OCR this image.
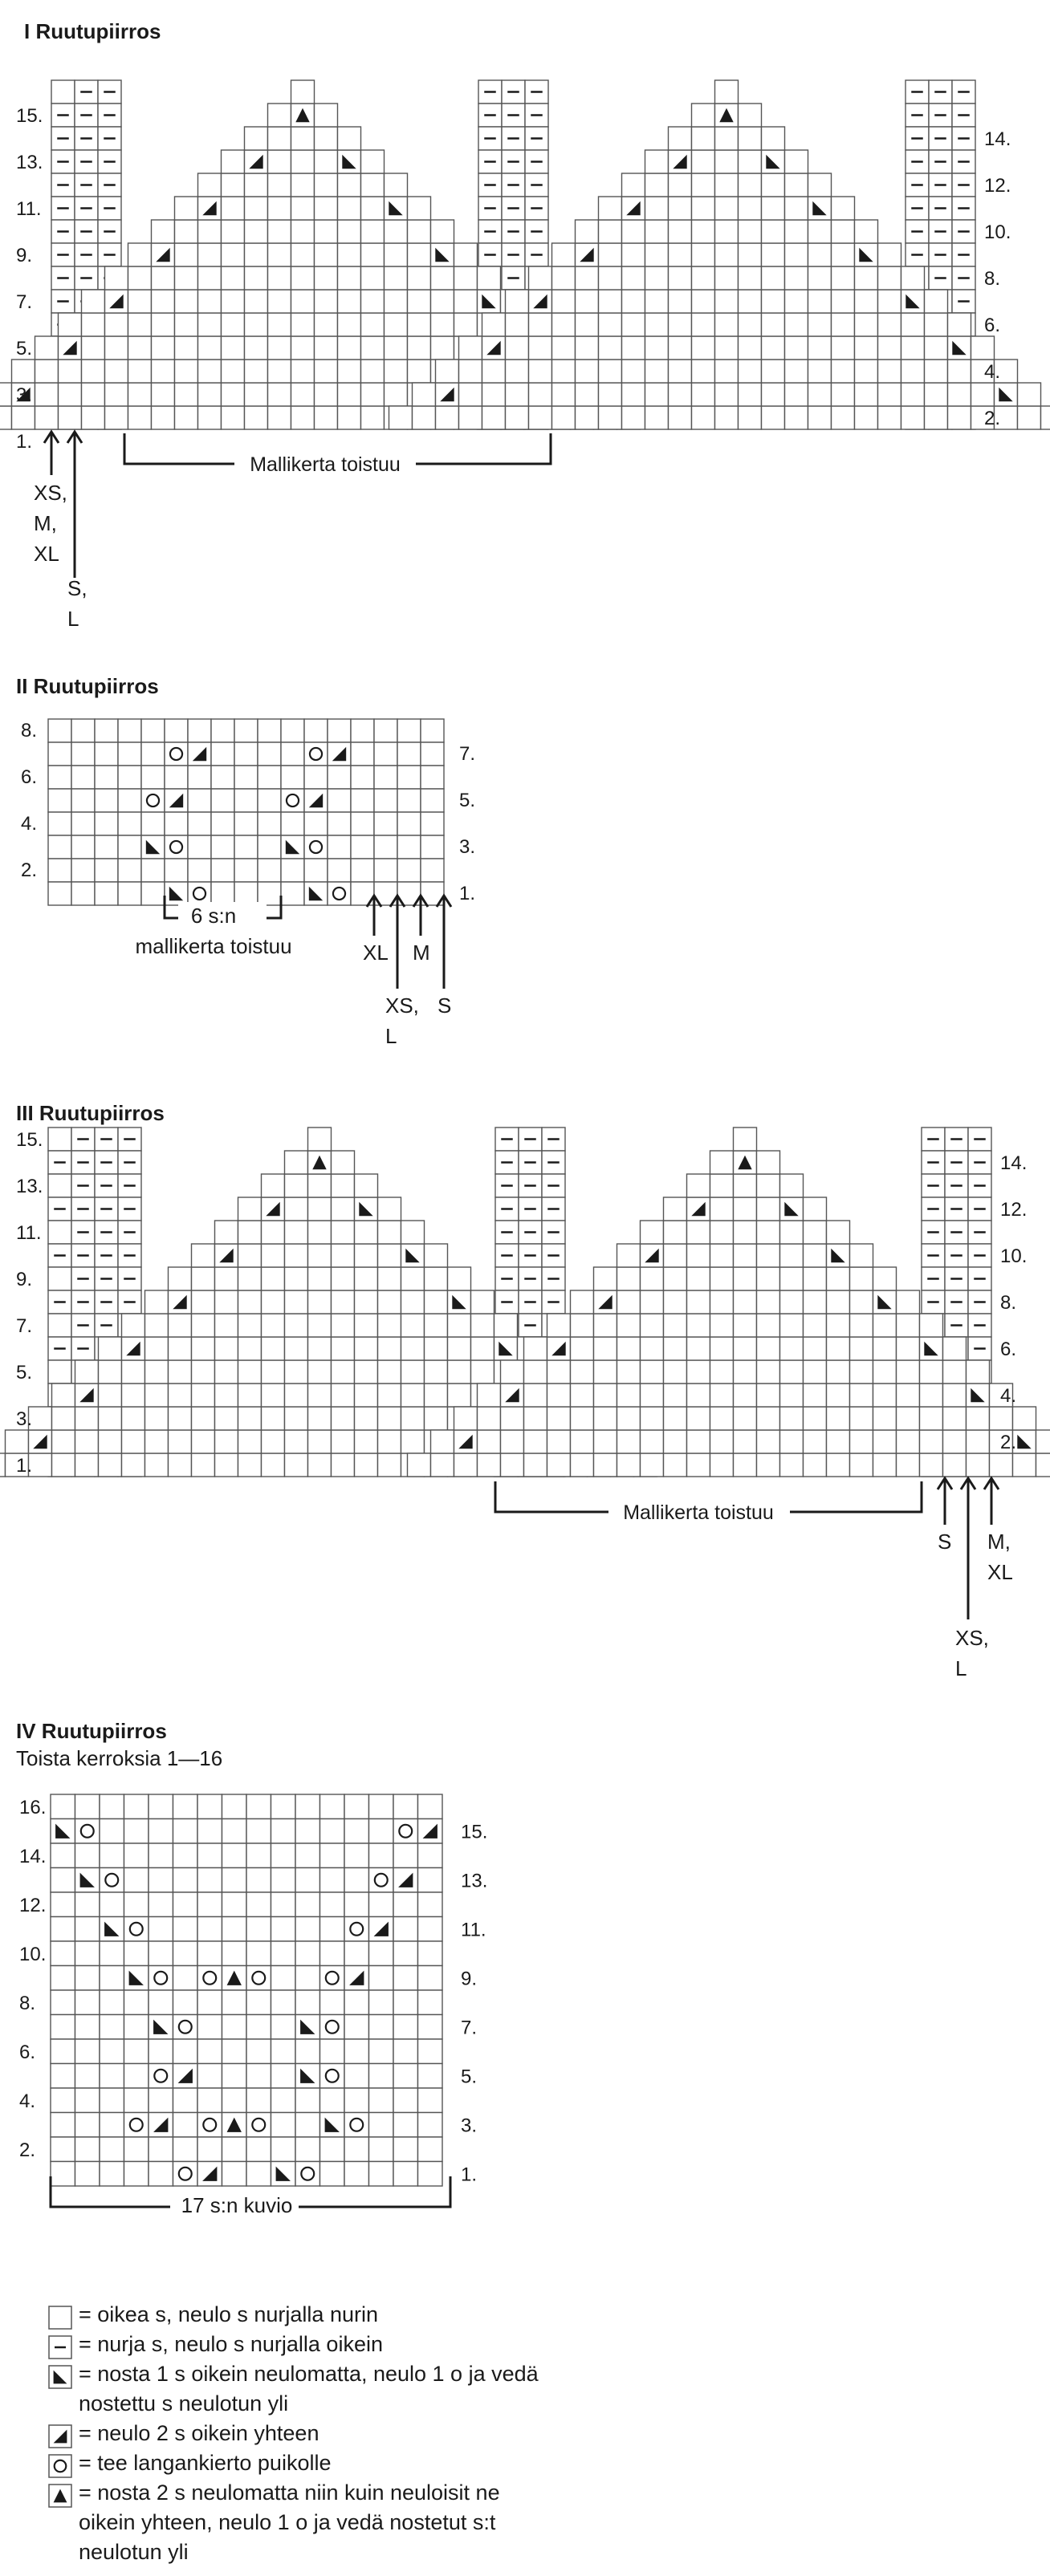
I Ruutupiirros
15.
13.
11.
9.
7.
5.
3.
1.
14.
12.
10.
8.
6.
4.
2.
Mallikerta toistuu
XS, M, XL
S, L
II Ruutupiirros
8.
6.
4.
2.
7.
5.
3.
1.
6 s:n mallikerta toistuu	XL M
XS, L
S
III Ruutupiirros
15.
13.
11.
9.
7.
5.
3.
1.
14.
12.
10.
8.
6.
4.
2.
Mallikerta toistuu
S M, XL
XS, L
IV Ruutupiirros
Toista kerroksia 1—16
16.
14.
12.
10.
8.
6.
4.
2.
15.
13.
11.
9.
7.
5.
3.
1.
17 s:n kuvio
= oikea s, neulo s nurjalla nurin
= nurja s, neulo s nurjalla oikein
= nosta 1 s oikein neulomatta, neulo 1 o ja vedä nostettu s neulotun yli
= neulo 2 s oikein yhteen
= tee langankierto puikolle
= nosta 2 s neulomatta niin kuin neuloisit ne oikein yhteen, neulo 1 o ja vedä nostetut s:t neulotun yli
